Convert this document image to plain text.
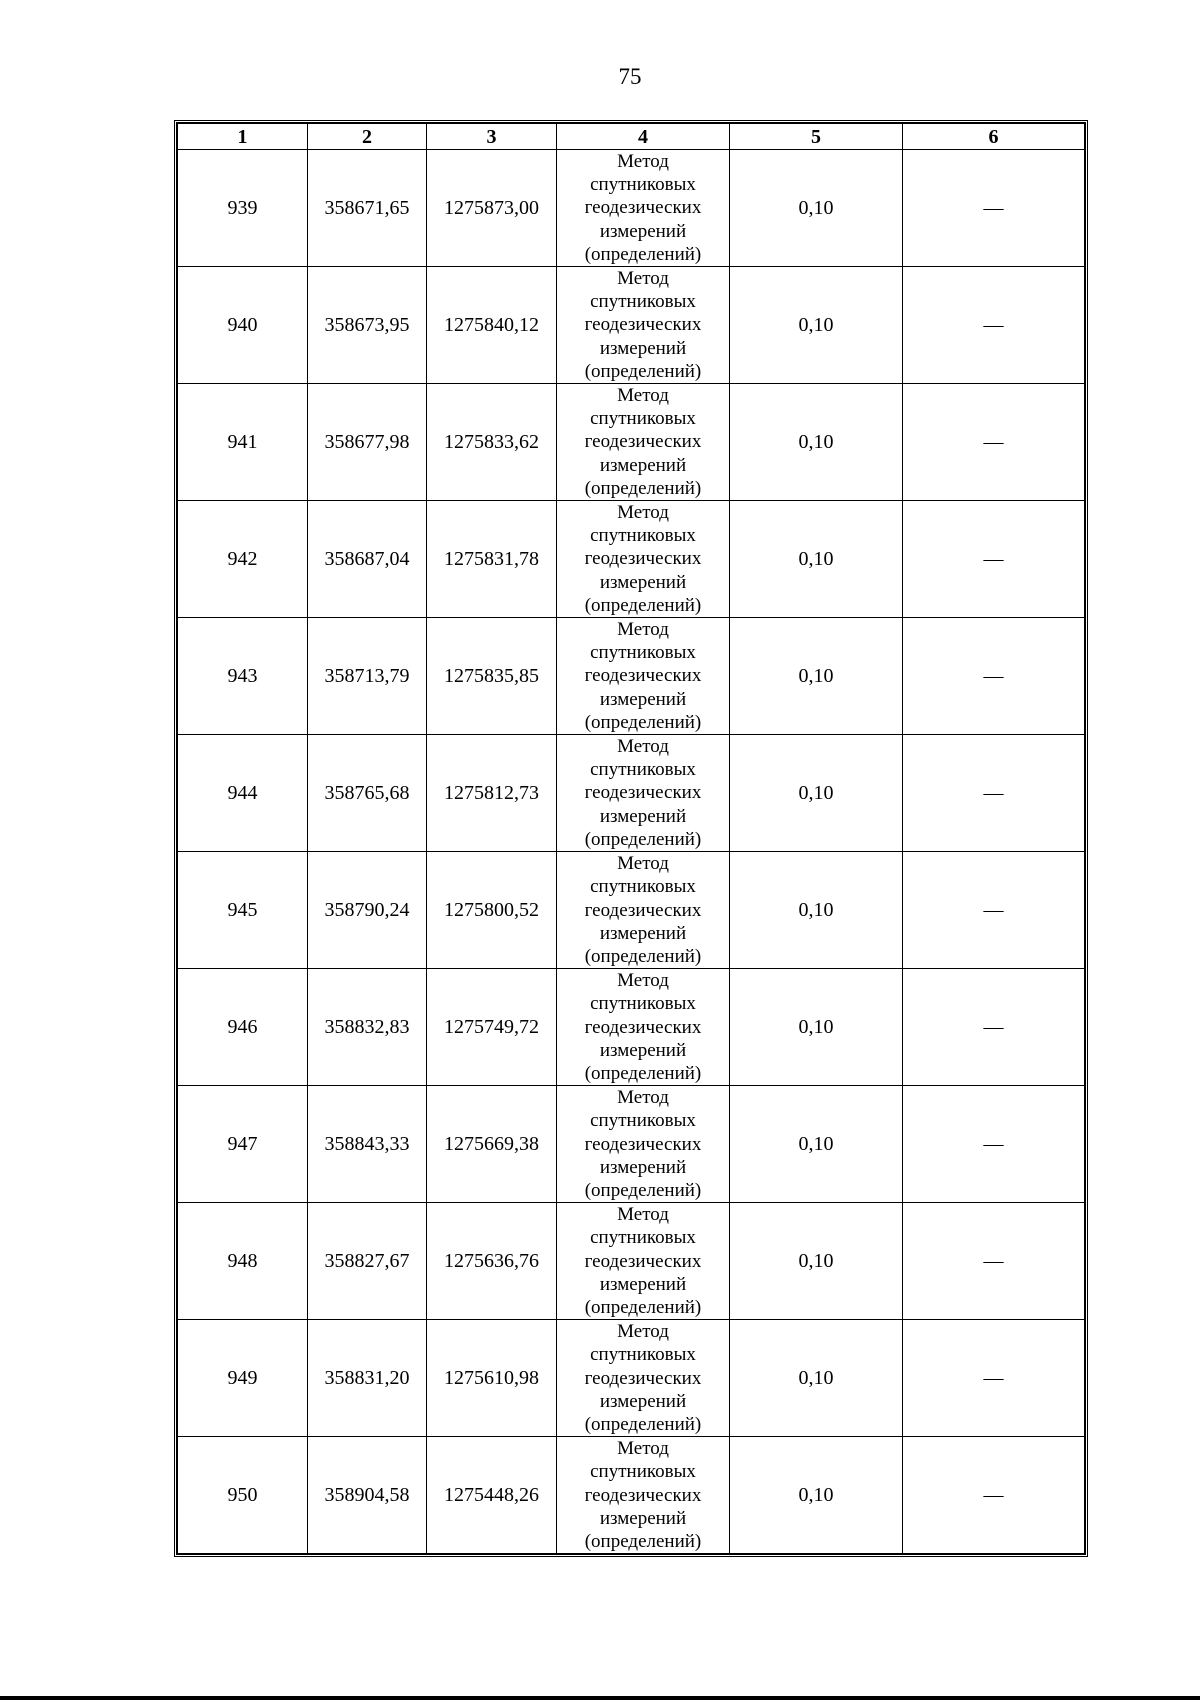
75
1	2	3	4	5	6
939	358671,65	1275873,00	Метод
спутниковых
геодезических
измерений
(определений)	0,10	—
940	358673,95	1275840,12	Метод
спутниковых
геодезических
измерений
(определений)	0,10	—
941	358677,98	1275833,62	Метод
спутниковых
геодезических
измерений
(определений)	0,10	—
942	358687,04	1275831,78	Метод
спутниковых
геодезических
измерений
(определений)	0,10	—
943	358713,79	1275835,85	Метод
спутниковых
геодезических
измерений
(определений)	0,10	—
944	358765,68	1275812,73	Метод
спутниковых
геодезических
измерений
(определений)	0,10	—
945	358790,24	1275800,52	Метод
спутниковых
геодезических
измерений
(определений)	0,10	—
946	358832,83	1275749,72	Метод
спутниковых
геодезических
измерений
(определений)	0,10	—
947	358843,33	1275669,38	Метод
спутниковых
геодезических
измерений
(определений)	0,10	—
948	358827,67	1275636,76	Метод
спутниковых
геодезических
измерений
(определений)	0,10	—
949	358831,20	1275610,98	Метод
спутниковых
геодезических
измерений
(определений)	0,10	—
950	358904,58	1275448,26	Метод
спутниковых
геодезических
измерений
(определений)	0,10	—
